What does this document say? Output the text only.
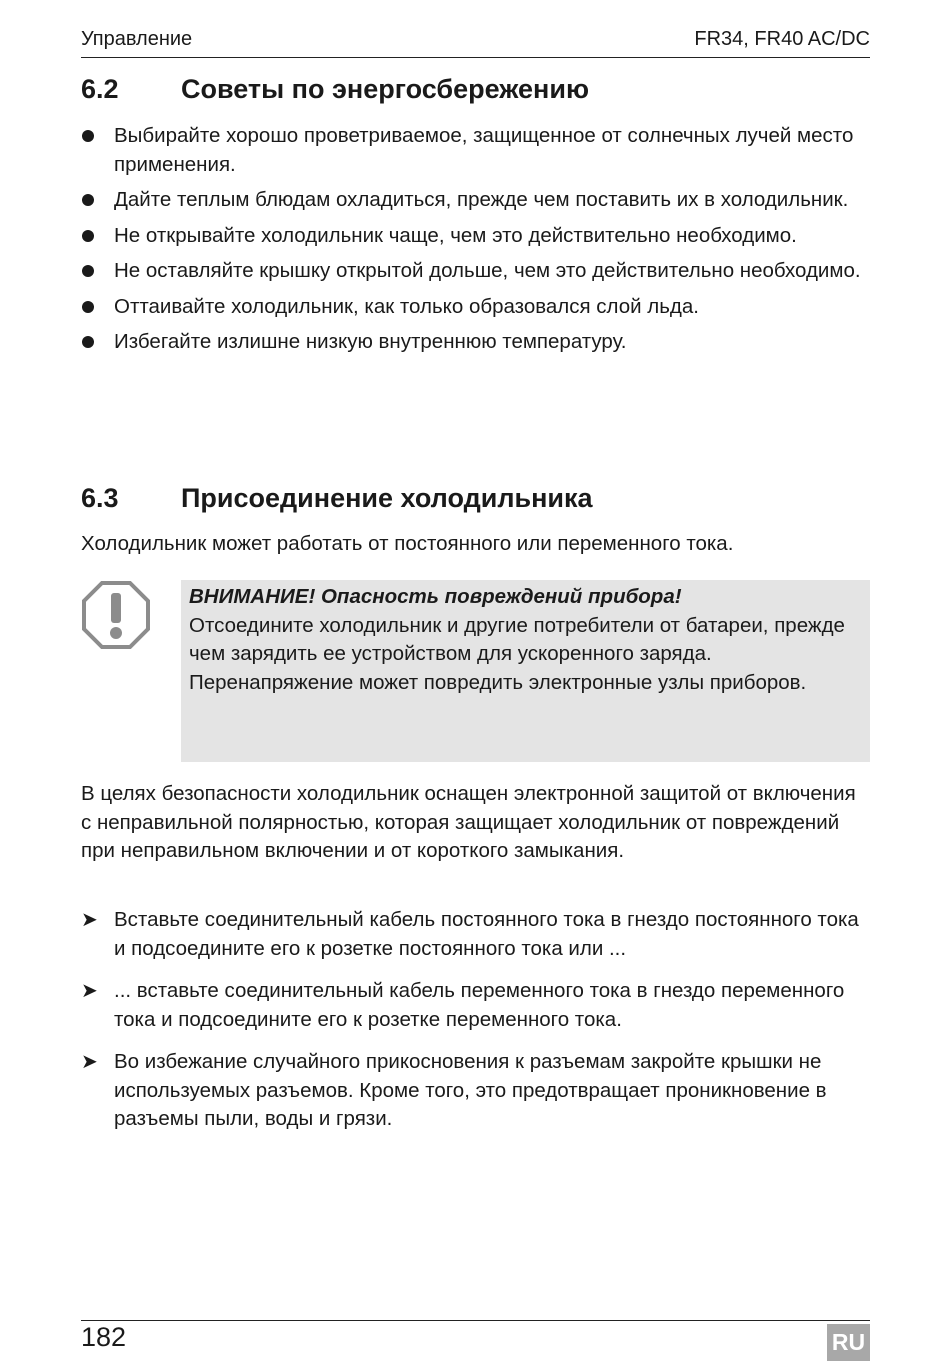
Управление	FR34, FR40 AC/DC
6.2 Советы по энергосбережению
Выбирайте хорошо проветриваемое, защищенное от солнечных лучей место применения.
Дайте теплым блюдам охладиться, прежде чем поставить их в холодильник.
Не открывайте холодильник чаще, чем это действительно необходимо.
Не оставляйте крышку открытой дольше, чем это действительно необходимо.
Оттаивайте холодильник, как только образовался слой льда.
Избегайте излишне низкую внутреннюю температуру.
6.3 Присоединение холодильника

Холодильник может работать от постоянного или переменного тока.

ВНИМАНИЕ! Опасность повреждений прибора!

Отсоедините холодильник и другие потребители от батареи, прежде чем зарядить ее устройством для ускоренного заряда.

Перенапряжение может повредить электронные узлы приборов.

В целях безопасности холодильник оснащен электронной защитой от включения с неправильной полярностью, которая защищает холодильник от повреждений при неправильном включении и от короткого замыкания.

➤ Вставьте соединительный кабель постоянного тока в гнездо постоянного тока и подсоедините его к розетке постоянного тока или ...
➤ ... вставьте соединительный кабель переменного тока в гнездо переменного тока и подсоедините его к розетке переменного тока.
➤ Во избежание случайного прикосновения к разъемам закройте крышки не используемых разъемов. Кроме того, это предотвращает проникновение в разъемы пыли, воды и грязи.
182	RU
